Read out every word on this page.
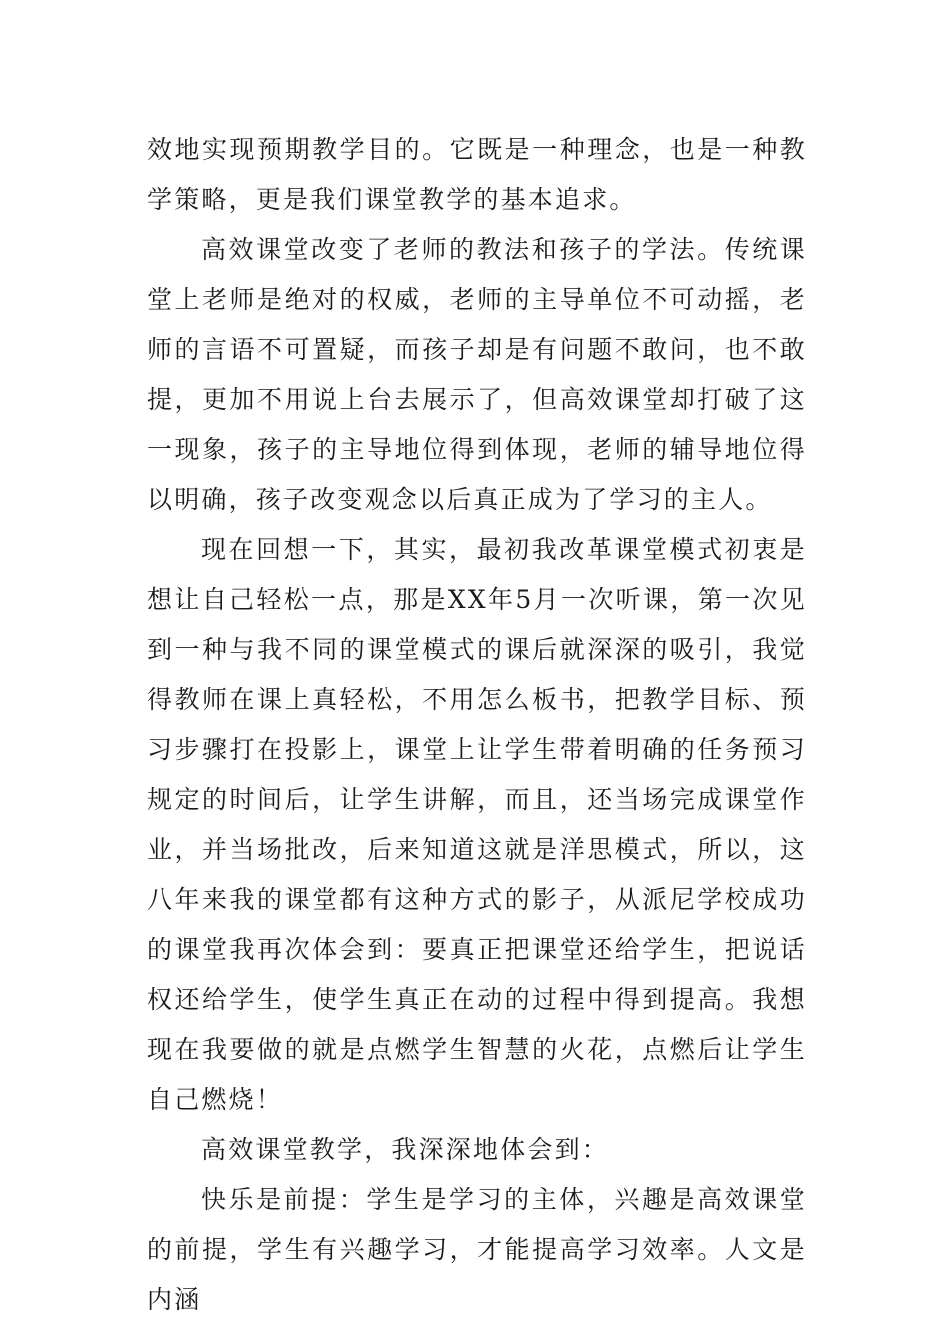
效地实现预期教学目的。它既是一种理念，也是一种教学策略，更是我们课堂教学的基本追求。

高效课堂改变了老师的教法和孩子的学法。传统课堂上老师是绝对的权威，老师的主导单位不可动摇，老师的言语不可置疑，而孩子却是有问题不敢问，也不敢提，更加不用说上台去展示了，但高效课堂却打破了这一现象，孩子的主导地位得到体现，老师的辅导地位得以明确，孩子改变观念以后真正成为了学习的主人。

现在回想一下，其实，最初我改革课堂模式初衷是想让自己轻松一点，那是XX年5月一次听课，第一次见到一种与我不同的课堂模式的课后就深深的吸引，我觉得教师在课上真轻松，不用怎么板书，把教学目标、预习步骤打在投影上，课堂上让学生带着明确的任务预习规定的时间后，让学生讲解，而且，还当场完成课堂作业，并当场批改，后来知道这就是洋思模式，所以，这八年来我的课堂都有这种方式的影子，从派尼学校成功的课堂我再次体会到：要真正把课堂还给学生，把说话权还给学生，使学生真正在动的过程中得到提高。我想现在我要做的就是点燃学生智慧的火花，点燃后让学生自己燃烧！

高效课堂教学，我深深地体会到：

快乐是前提：学生是学习的主体，兴趣是高效课堂的前提，学生有兴趣学习，才能提高学习效率。人文是内涵
